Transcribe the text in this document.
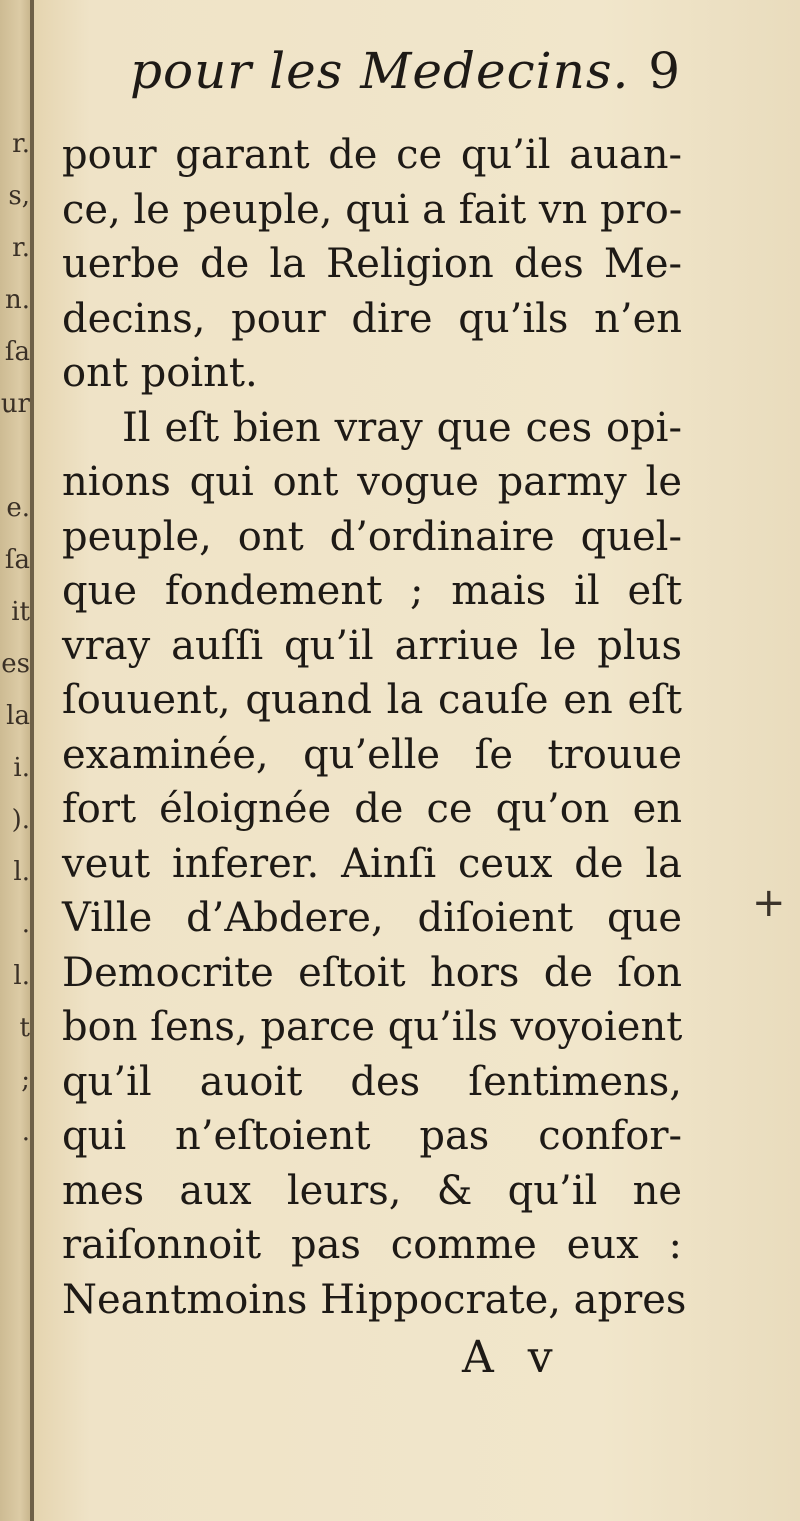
r.
s,
r.
n.
ſa
ur
e.
ſa
it
es
la
i.
).
l.
.
l.
t
;
.
pour les Medecins. 9
pour garant de ce qu’il auan-
ce, le peuple, qui a fait vn pro-
uerbe de la Religion des Me-
decins, pour dire qu’ils n’en
ont point.
Il eſt bien vray que ces opi-
nions qui ont vogue parmy le
peuple, ont d’ordinaire quel-
que fondement ; mais il eſt
vray auſſi qu’il arriue le plus
ſouuent, quand la cauſe en eſt
examinée, qu’elle ſe trouue
fort éloignée de ce qu’on en
veut inferer. Ainſi ceux de la
Ville d’Abdere, diſoient que
Democrite eſtoit hors de ſon
bon ſens, parce qu’ils voyoient
qu’il auoit des ſentimens,
qui n’eſtoient pas confor-
mes aux leurs, & qu’il ne
raiſonnoit pas comme eux :
Neantmoins Hippocrate, apres
A v
+
